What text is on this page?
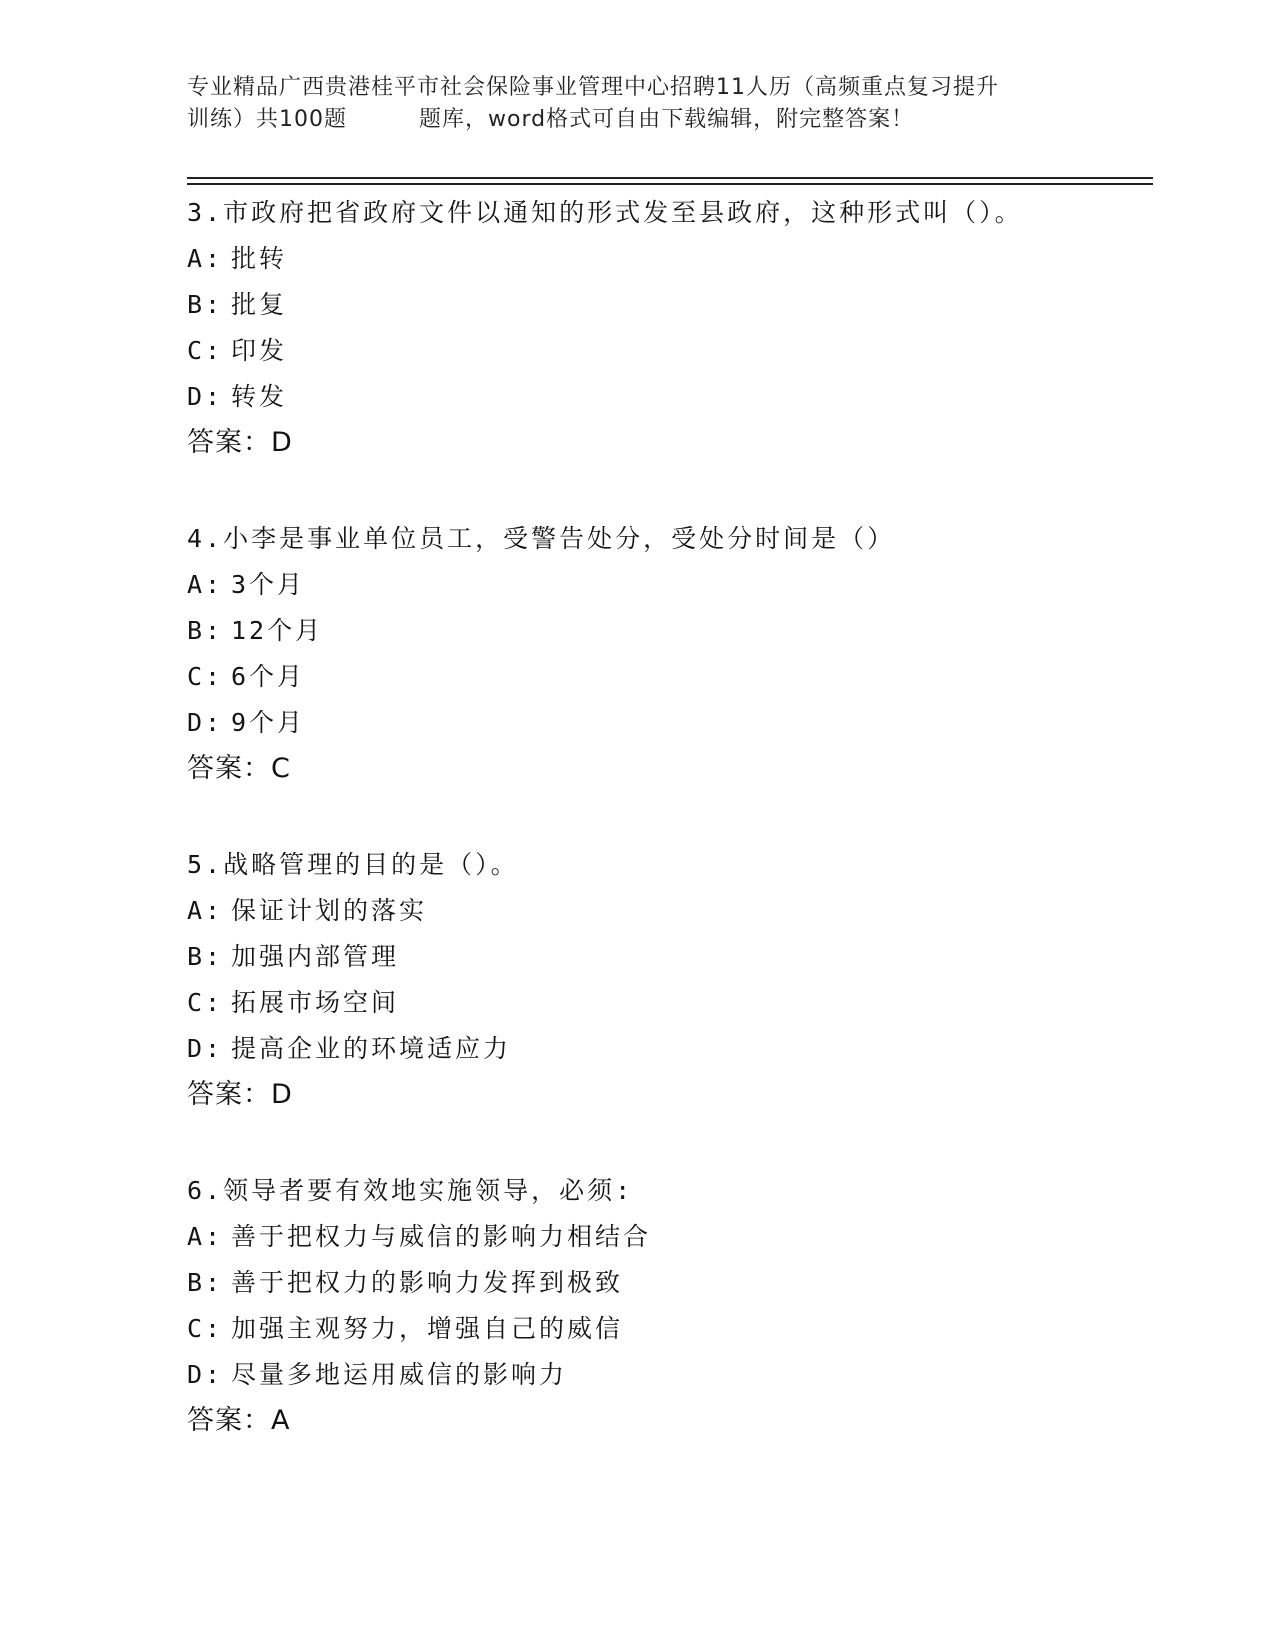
专业精品广西贵港桂平市社会保险事业管理中心招聘11人历（高频重点复习提升
训练）共100题	题库，word格式可自由下载编辑，附完整答案！
3.市政府把省政府文件以通知的形式发至县政府，这种形式叫（）。
A: 批转
B: 批复
C: 印发
D: 转发
答案：D
4.小李是事业单位员工，受警告处分，受处分时间是（）
A: 3个月
B: 12个月
C: 6个月
D: 9个月
答案：C
5.战略管理的目的是（）。
A: 保证计划的落实
B: 加强内部管理
C: 拓展市场空间
D: 提高企业的环境适应力
答案：D
6.领导者要有效地实施领导，必须:
A: 善于把权力与威信的影响力相结合
B: 善于把权力的影响力发挥到极致
C: 加强主观努力，增强自己的威信
D: 尽量多地运用威信的影响力
答案：A
